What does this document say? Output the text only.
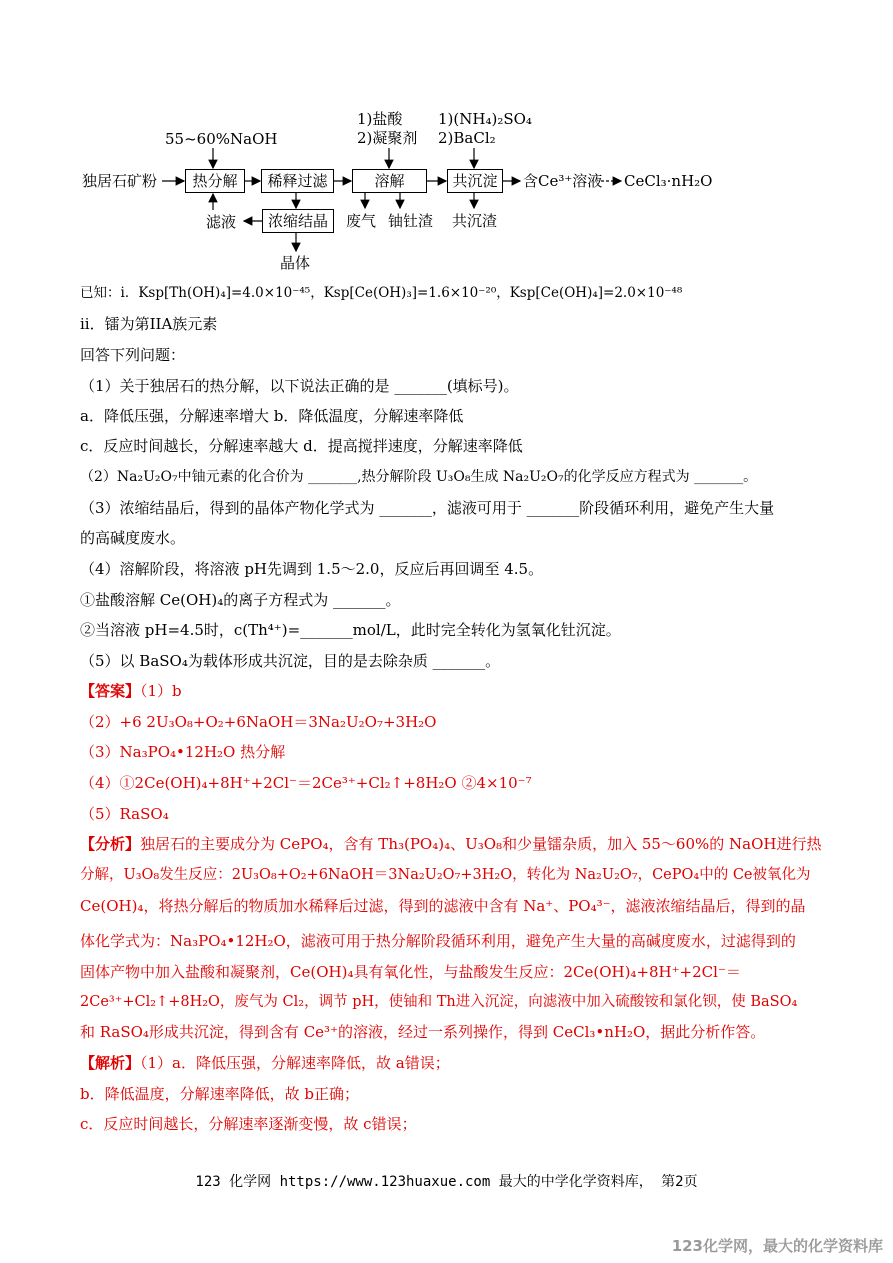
独居石矿粉
55~60%NaOH
热分解	稀释过滤
1)盐酸
2)凝聚剂
溶解
1)(NH₄)₂SO₄
2)BaCl₂
共沉淀	含Ce³⁺溶液 CeCl₃·nH₂O
滤液	浓缩结晶
晶体
废气 铀钍渣 共沉渣
已知：i．Ksp[Th(OH)₄]=4.0×10⁻⁴⁵，Ksp[Ce(OH)₃]=1.6×10⁻²⁰，Ksp[Ce(OH)₄]=2.0×10⁻⁴⁸
ii．镭为第IIA族元素
回答下列问题：
（1）关于独居石的热分解，以下说法正确的是 _______(填标号)。
a．降低压强，分解速率增大 b．降低温度，分解速率降低
c．反应时间越长，分解速率越大 d．提高搅拌速度，分解速率降低
（2）Na₂U₂O₇中铀元素的化合价为 _______,热分解阶段 U₃O₈生成 Na₂U₂O₇的化学反应方程式为 _______。
（3）浓缩结晶后，得到的晶体产物化学式为 _______，滤液可用于 _______阶段循环利用，避免产生大量
的高碱度废水。
（4）溶解阶段，将溶液 pH先调到 1.5～2.0，反应后再回调至 4.5。
①盐酸溶解 Ce(OH)₄的离子方程式为 _______。
②当溶液 pH=4.5时，c(Th⁴⁺)=_______mol/L，此时完全转化为氢氧化钍沉淀。
（5）以 BaSO₄为载体形成共沉淀，目的是去除杂质 _______。
【答案】（1）b
（2）+6 2U₃O₈+O₂+6NaOH＝3Na₂U₂O₇+3H₂O
（3）Na₃PO₄•12H₂O 热分解
（4）①2Ce(OH)₄+8H⁺+2Cl⁻＝2Ce³⁺+Cl₂↑+8H₂O ②4×10⁻⁷
（5）RaSO₄
【分析】独居石的主要成分为 CePO₄，含有 Th₃(PO₄)₄、U₃O₈和少量镭杂质，加入 55～60%的 NaOH进行热
分解，U₃O₈发生反应：2U₃O₈+O₂+6NaOH＝3Na₂U₂O₇+3H₂O，转化为 Na₂U₂O₇，CePO₄中的 Ce被氧化为
Ce(OH)₄，将热分解后的物质加水稀释后过滤，得到的滤液中含有 Na⁺、PO₄³⁻，滤液浓缩结晶后，得到的晶
体化学式为：Na₃PO₄•12H₂O，滤液可用于热分解阶段循环利用，避免产生大量的高碱度废水，过滤得到的
固体产物中加入盐酸和凝聚剂，Ce(OH)₄具有氧化性，与盐酸发生反应：2Ce(OH)₄+8H⁺+2Cl⁻＝
2Ce³⁺+Cl₂↑+8H₂O，废气为 Cl₂，调节 pH，使铀和 Th进入沉淀，向滤液中加入硫酸铵和氯化钡，使 BaSO₄
和 RaSO₄形成共沉淀，得到含有 Ce³⁺的溶液，经过一系列操作，得到 CeCl₃•nH₂O，据此分析作答。
【解析】（1）a．降低压强，分解速率降低，故 a错误；
b．降低温度，分解速率降低，故 b正确；
c．反应时间越长，分解速率逐渐变慢，故 c错误；
123 化学网 https://www.123huaxue.com 最大的中学化学资料库， 第2页
123化学网，最大的化学资料库
